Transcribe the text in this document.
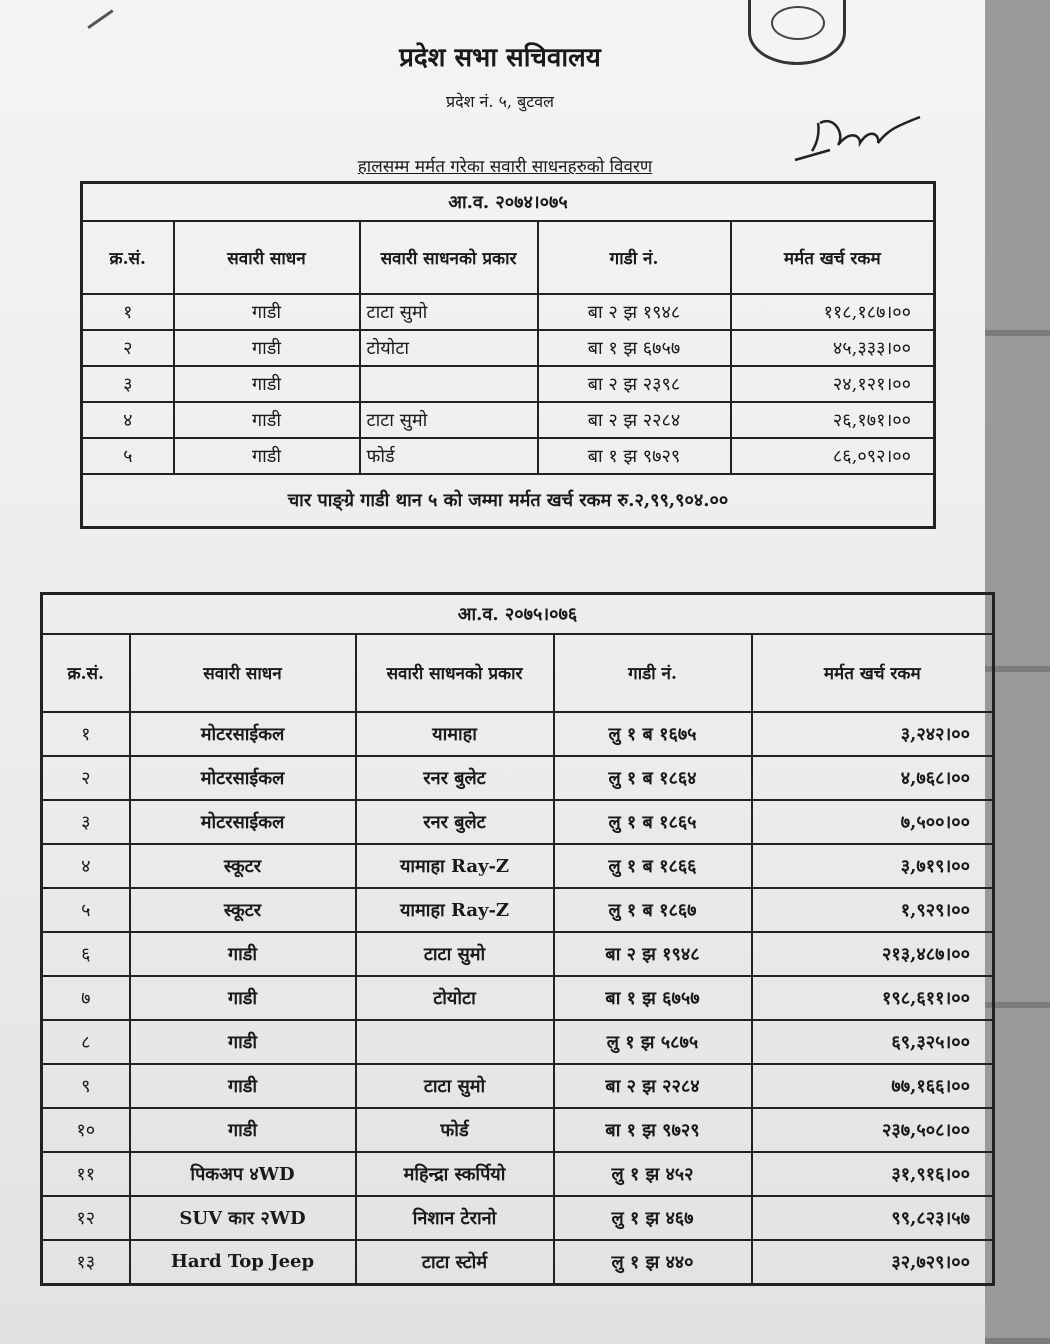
प्रदेश सभा सचिवालय
प्रदेश नं. ५, बुटवल
हालसम्म मर्मत गरेका सवारी साधनहरुको विवरण
आ.व. २०७४।०७५				
क्र.सं.	सवारी साधन	सवारी साधनको प्रकार	गाडी नं.	मर्मत खर्च रकम
१	गाडी	टाटा सुमो	बा २ झ १९४८	११८,१८७।००
२	गाडी	टोयोटा	बा १ झ ६७५७	४५,३३३।००
३	गाडी		बा २ झ २३९८	२४,१२१।००
४	गाडी	टाटा सुमो	बा २ झ २२८४	२६,१७१।००
५	गाडी	फोर्ड	बा १ झ ९७२९	८६,०९२।००
चार पाङ्ग्रे गाडी थान ५ को जम्मा मर्मत खर्च रकम रु.२,९९,९०४.००				
आ.व. २०७५।०७६				
क्र.सं.	सवारी साधन	सवारी साधनको प्रकार	गाडी नं.	मर्मत खर्च रकम
१	मोटरसाईकल	यामाहा	लु १ ब १६७५	३,२४२।००
२	मोटरसाईकल	रनर बुलेट	लु १ ब १८६४	४,७६८।००
३	मोटरसाईकल	रनर बुलेट	लु १ ब १८६५	७,५००।००
४	स्कूटर	यामाहा Ray-Z	लु १ ब १८६६	३,७१९।००
५	स्कूटर	यामाहा Ray-Z	लु १ ब १८६७	१,९२९।००
६	गाडी	टाटा सुमो	बा २ झ १९४८	२१३,४८७।००
७	गाडी	टोयोटा	बा १ झ ६७५७	१९८,६११।००
८	गाडी		लु १ झ ५८७५	६९,३२५।००
९	गाडी	टाटा सुमो	बा २ झ २२८४	७७,१६६।००
१०	गाडी	फोर्ड	बा १ झ ९७२९	२३७,५०८।००
११	पिकअप ४WD	महिन्द्रा स्कर्पियो	लु १ झ ४५२	३१,९१६।००
१२	SUV कार २WD	निशान टेरानो	लु १ झ ४६७	९९,८२३।५७
१३	Hard Top Jeep	टाटा स्टोर्म	लु १ झ ४४०	३२,७२९।००
